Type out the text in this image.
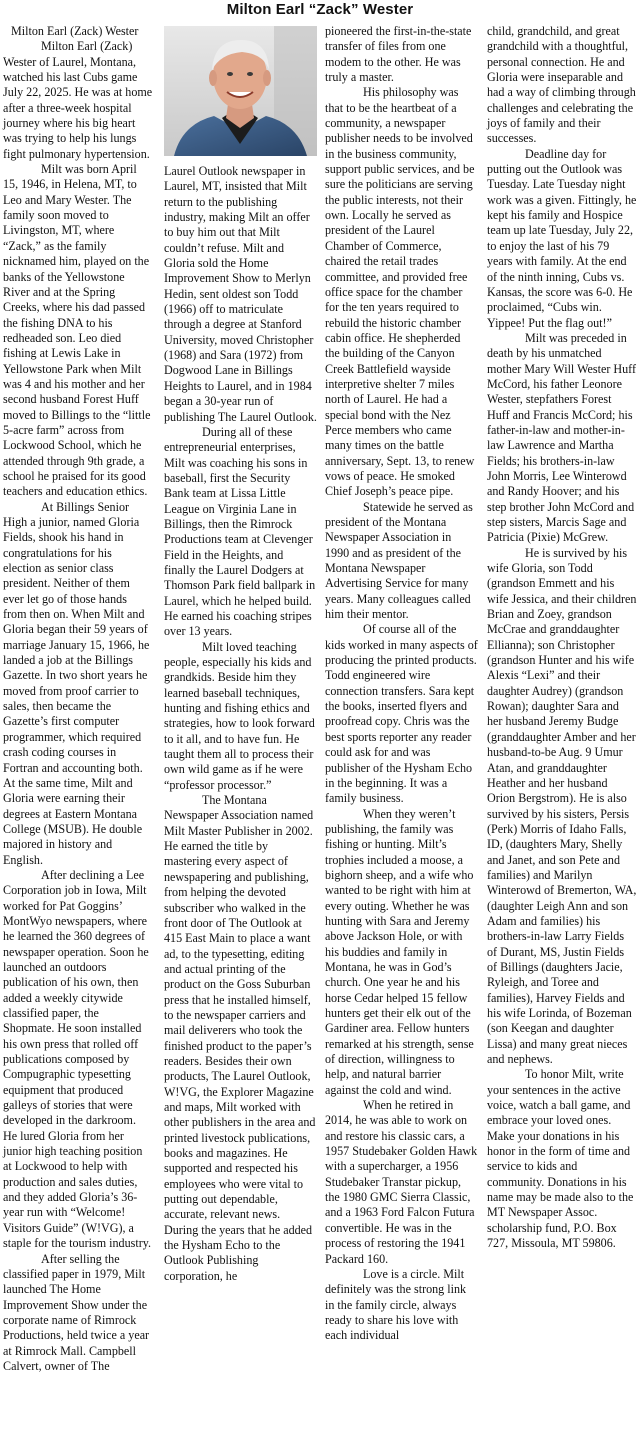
Milton Earl “Zack” Wester

Milton Earl (Zack) Wester

Milton Earl (Zack) Wester of Laurel, Montana, watched his last Cubs game July 22, 2025. He was at home after a three-week hospital journey where his big heart was trying to help his lungs fight pulmonary hypertension.

Milt was born April 15, 1946, in Helena, MT, to Leo and Mary Wester. The family soon moved to Livingston, MT, where “Zack,” as the family nicknamed him, played on the banks of the Yellowstone River and at the Spring Creeks, where his dad passed the fishing DNA to his redheaded son. Leo died fishing at Lewis Lake in Yellowstone Park when Milt was 4 and his mother and her second husband Forest Huff moved to Billings to the “little 5-acre farm” across from Lockwood School, which he attended through 9th grade, a school he praised for its good teachers and education ethics.

At Billings Senior High a junior, named Gloria Fields, shook his hand in congratulations for his election as senior class president. Neither of them ever let go of those hands from then on. When Milt and Gloria began their 59 years of marriage January 15, 1966, he landed a job at the Billings Gazette. In two short years he moved from proof carrier to sales, then became the Gazette’s first computer programmer, which required crash coding courses in Fortran and accounting both. At the same time, Milt and Gloria were earning their degrees at Eastern Montana College (MSUB). He double majored in history and English.

After declining a Lee Corporation job in Iowa, Milt worked for Pat Goggins’ MontWyo newspapers, where he learned the 360 degrees of newspaper operation. Soon he launched an outdoors publication of his own, then added a weekly citywide classified paper, the Shopmate. He soon installed his own press that rolled off publications composed by Compugraphic typesetting equipment that produced galleys of stories that were developed in the darkroom. He lured Gloria from her junior high teaching position at Lockwood to help with production and sales duties, and they added Gloria’s 36-year run with “Welcome! Visitors Guide” (W!VG), a staple for the tourism industry.

After selling the classified paper in 1979, Milt launched The Home Improvement Show under the corporate name of Rimrock Productions, held twice a year at Rimrock Mall. Campbell Calvert, owner of The

Laurel Outlook newspaper in Laurel, MT, insisted that Milt return to the publishing industry, making Milt an offer to buy him out that Milt couldn’t refuse. Milt and Gloria sold the Home Improvement Show to Merlyn Hedin, sent oldest son Todd (1966) off to matriculate through a degree at Stanford University, moved Christopher (1968) and Sara (1972) from Dogwood Lane in Billings Heights to Laurel, and in 1984 began a 30-year run of publishing The Laurel Outlook.

During all of these entrepreneurial enterprises, Milt was coaching his sons in baseball, first the Security Bank team at Lissa Little League on Virginia Lane in Billings, then the Rimrock Productions team at Clevenger Field in the Heights, and finally the Laurel Dodgers at Thomson Park field ballpark in Laurel, which he helped build. He earned his coaching stripes over 13 years.

Milt loved teaching people, especially his kids and grandkids. Beside him they learned baseball techniques, hunting and fishing ethics and strategies, how to look forward to it all, and to have fun. He taught them all to process their own wild game as if he were “professor processor.”

The Montana Newspaper Association named Milt Master Publisher in 2002. He earned the title by mastering every aspect of newspapering and publishing, from helping the devoted subscriber who walked in the front door of The Outlook at 415 East Main to place a want ad, to the typesetting, editing and actual printing of the product on the Goss Suburban press that he installed himself, to the newspaper carriers and mail deliverers who took the finished product to the paper’s readers. Besides their own products, The Laurel Outlook, W!VG, the Explorer Magazine and maps, Milt worked with other publishers in the area and printed livestock publications, books and magazines. He supported and respected his employees who were vital to putting out dependable, accurate, relevant news. During the years that he added the Hysham Echo to the Outlook Publishing corporation, he

pioneered the first-in-the-state transfer of files from one modem to the other. He was truly a master.

His philosophy was that to be the heartbeat of a community, a newspaper publisher needs to be involved in the business community, support public services, and be sure the politicians are serving the public interests, not their own. Locally he served as president of the Laurel Chamber of Commerce, chaired the retail trades committee, and provided free office space for the chamber for the ten years required to rebuild the historic chamber cabin office. He shepherded the building of the Canyon Creek Battlefield wayside interpretive shelter 7 miles north of Laurel. He had a special bond with the Nez Perce members who came many times on the battle anniversary, Sept. 13, to renew vows of peace. He smoked Chief Joseph’s peace pipe.

Statewide he served as president of the Montana Newspaper Association in 1990 and as president of the Montana Newspaper Advertising Service for many years. Many colleagues called him their mentor.

Of course all of the kids worked in many aspects of producing the printed products. Todd engineered wire connection transfers. Sara kept the books, inserted flyers and proofread copy. Chris was the best sports reporter any reader could ask for and was publisher of the Hysham Echo in the beginning. It was a family business.

When they weren’t publishing, the family was fishing or hunting. Milt’s trophies included a moose, a bighorn sheep, and a wife who wanted to be right with him at every outing. Whether he was hunting with Sara and Jeremy above Jackson Hole, or with his buddies and family in Montana, he was in God’s church. One year he and his horse Cedar helped 15 fellow hunters get their elk out of the Gardiner area. Fellow hunters remarked at his strength, sense of direction, willingness to help, and natural barrier against the cold and wind.

When he retired in 2014, he was able to work on and restore his classic cars, a 1957 Studebaker Golden Hawk with a supercharger, a 1956 Studebaker Transtar pickup, the 1980 GMC Sierra Classic, and a 1963 Ford Falcon Futura convertible. He was in the process of restoring the 1941 Packard 160.

Love is a circle. Milt definitely was the strong link in the family circle, always ready to share his love with each individual

child, grandchild, and great grandchild with a thoughtful, personal connection. He and Gloria were inseparable and had a way of climbing through challenges and celebrating the joys of family and their successes.

Deadline day for putting out the Outlook was Tuesday. Late Tuesday night work was a given. Fittingly, he kept his family and Hospice team up late Tuesday, July 22, to enjoy the last of his 79 years with family. At the end of the ninth inning, Cubs vs. Kansas, the score was 6-0. He proclaimed, “Cubs win. Yippee! Put the flag out!”

Milt was preceded in death by his unmatched mother Mary Will Wester Huff McCord, his father Leonore Wester, stepfathers Forest Huff and Francis McCord; his father-in-law and mother-in-law Lawrence and Martha Fields; his brothers-in-law John Morris, Lee Winterowd and Randy Hoover; and his step brother John McCord and step sisters, Marcis Sage and Patricia (Pixie) McGrew.

He is survived by his wife Gloria, son Todd (grandson Emmett and his wife Jessica, and their children Brian and Zoey, grandson McCrae and granddaughter Ellianna); son Christopher (grandson Hunter and his wife Alexis “Lexi” and their daughter Audrey) (grandson Rowan); daughter Sara and her husband Jeremy Budge (granddaughter Amber and her husband-to-be Aug. 9 Umur Atan, and granddaughter Heather and her husband Orion Bergstrom). He is also survived by his sisters, Persis (Perk) Morris of Idaho Falls, ID, (daughters Mary, Shelly and Janet, and son Pete and families) and Marilyn Winterowd of Bremerton, WA, (daughter Leigh Ann and son Adam and families) his brothers-in-law Larry Fields of Durant, MS, Justin Fields of Billings (daughters Jacie, Ryleigh, and Toree and families), Harvey Fields and his wife Lorinda, of Bozeman (son Keegan and daughter Lissa) and many great nieces and nephews.

To honor Milt, write your sentences in the active voice, watch a ball game, and embrace your loved ones. Make your donations in his honor in the form of time and service to kids and community. Donations in his name may be made also to the MT Newspaper Assoc. scholarship fund, P.O. Box 727, Missoula, MT 59806.
